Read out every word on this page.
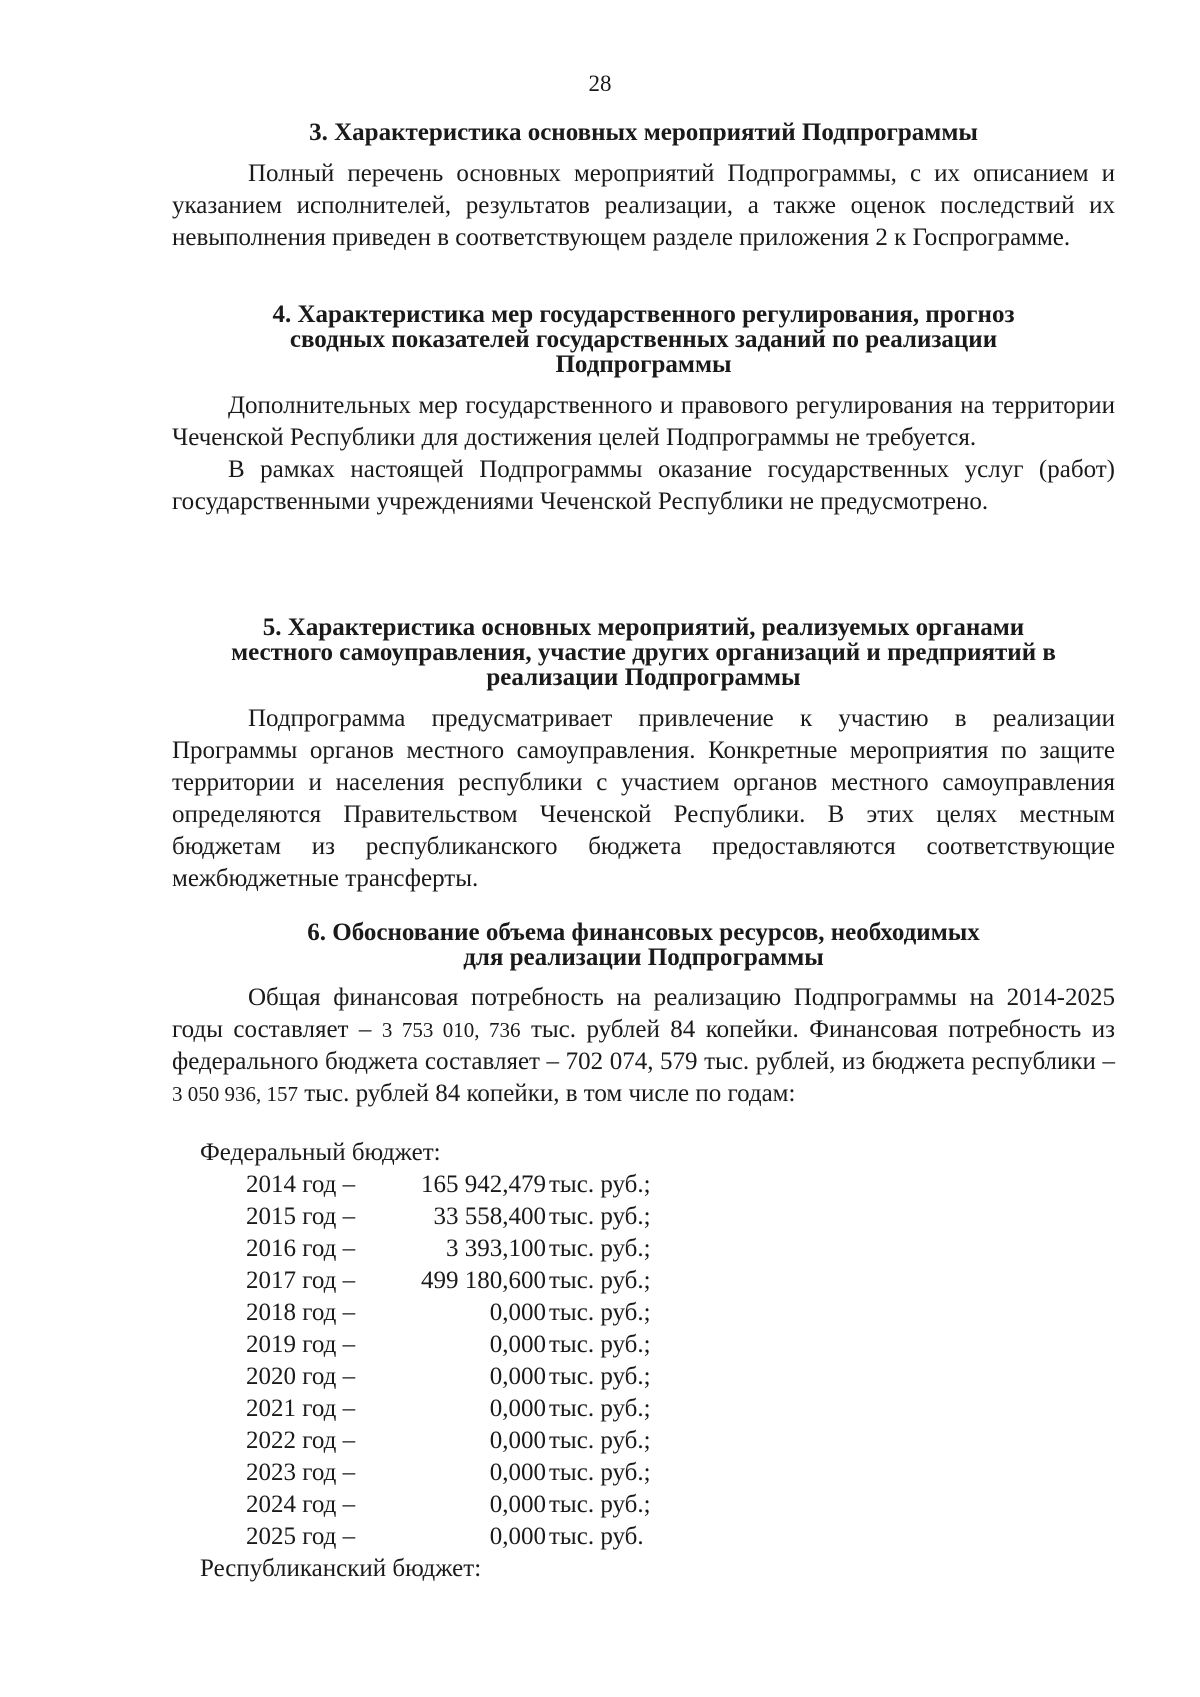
28

3. Характеристика основных мероприятий Подпрограммы

Полный перечень основных мероприятий Подпрограммы, с их описанием и указанием исполнителей, результатов реализации, а также оценок последствий их невыполнения приведен в соответствующем разделе приложения 2 к Госпрограмме.

4. Характеристика мер государственного регулирования, прогноз

сводных показателей государственных заданий по реализации

Подпрограммы

Дополнительных мер государственного и правового регулирования на территории Чеченской Республики для достижения целей Подпрограммы не требуется.

В рамках настоящей Подпрограммы оказание государственных услуг (работ) государственными учреждениями Чеченской Республики не предусмотрено.

5. Характеристика основных мероприятий, реализуемых органами

местного самоуправления, участие других организаций и предприятий в

реализации Подпрограммы

Подпрограмма предусматривает привлечение к участию в реализации Программы органов местного самоуправления. Конкретные мероприятия по защите территории и населения республики с участием органов местного самоуправления определяются Правительством Чеченской Республики. В этих целях местным бюджетам из республиканского бюджета предоставляются соответствующие межбюджетные трансферты.

6. Обоснование объема финансовых ресурсов, необходимых

для реализации Подпрограммы

Общая финансовая потребность на реализацию Подпрограммы на 2014-2025 годы составляет – 3 753 010, 736 тыс. рублей 84 копейки. Финансовая потребность из федерального бюджета составляет – 702 074, 579 тыс. рублей, из бюджета республики – 3 050 936, 157 тыс. рублей 84 копейки, в том числе по годам:

Федеральный бюджет:
2014 год –	165 942,479 тыс. руб.;
2015 год –	33 558,400 тыс. руб.;
2016 год –	3 393,100 тыс. руб.;
2017 год –	499 180,600 тыс. руб.;
2018 год –	0,000 тыс. руб.;
2019 год –	0,000 тыс. руб.;
2020 год –	0,000 тыс. руб.;
2021 год –	0,000 тыс. руб.;
2022 год –	0,000 тыс. руб.;
2023 год –	0,000 тыс. руб.;
2024 год –	0,000 тыс. руб.;
2025 год –	0,000 тыс. руб.
Республиканский бюджет:
